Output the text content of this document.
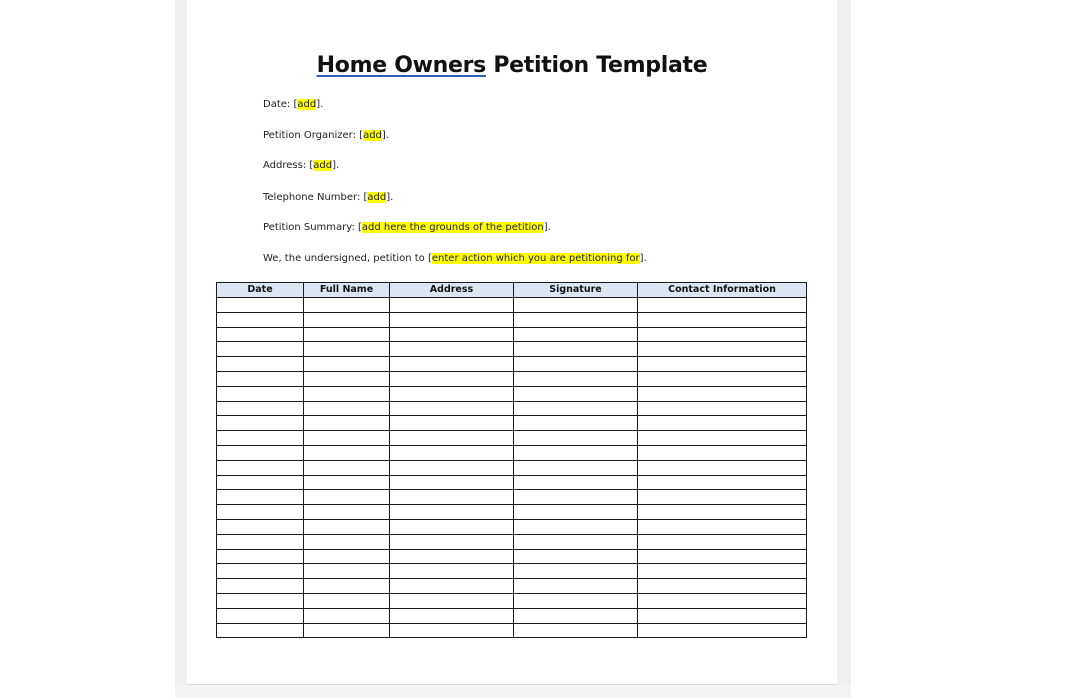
Home Owners Petition Template
Date: [add].
Petition Organizer: [add].
Address: [add].
Telephone Number: [add].
Petition Summary: [add here the grounds of the petition].
We, the undersigned, petition to [enter action which you are petitioning for].
Date	Full Name	Address	Signature	Contact Information
